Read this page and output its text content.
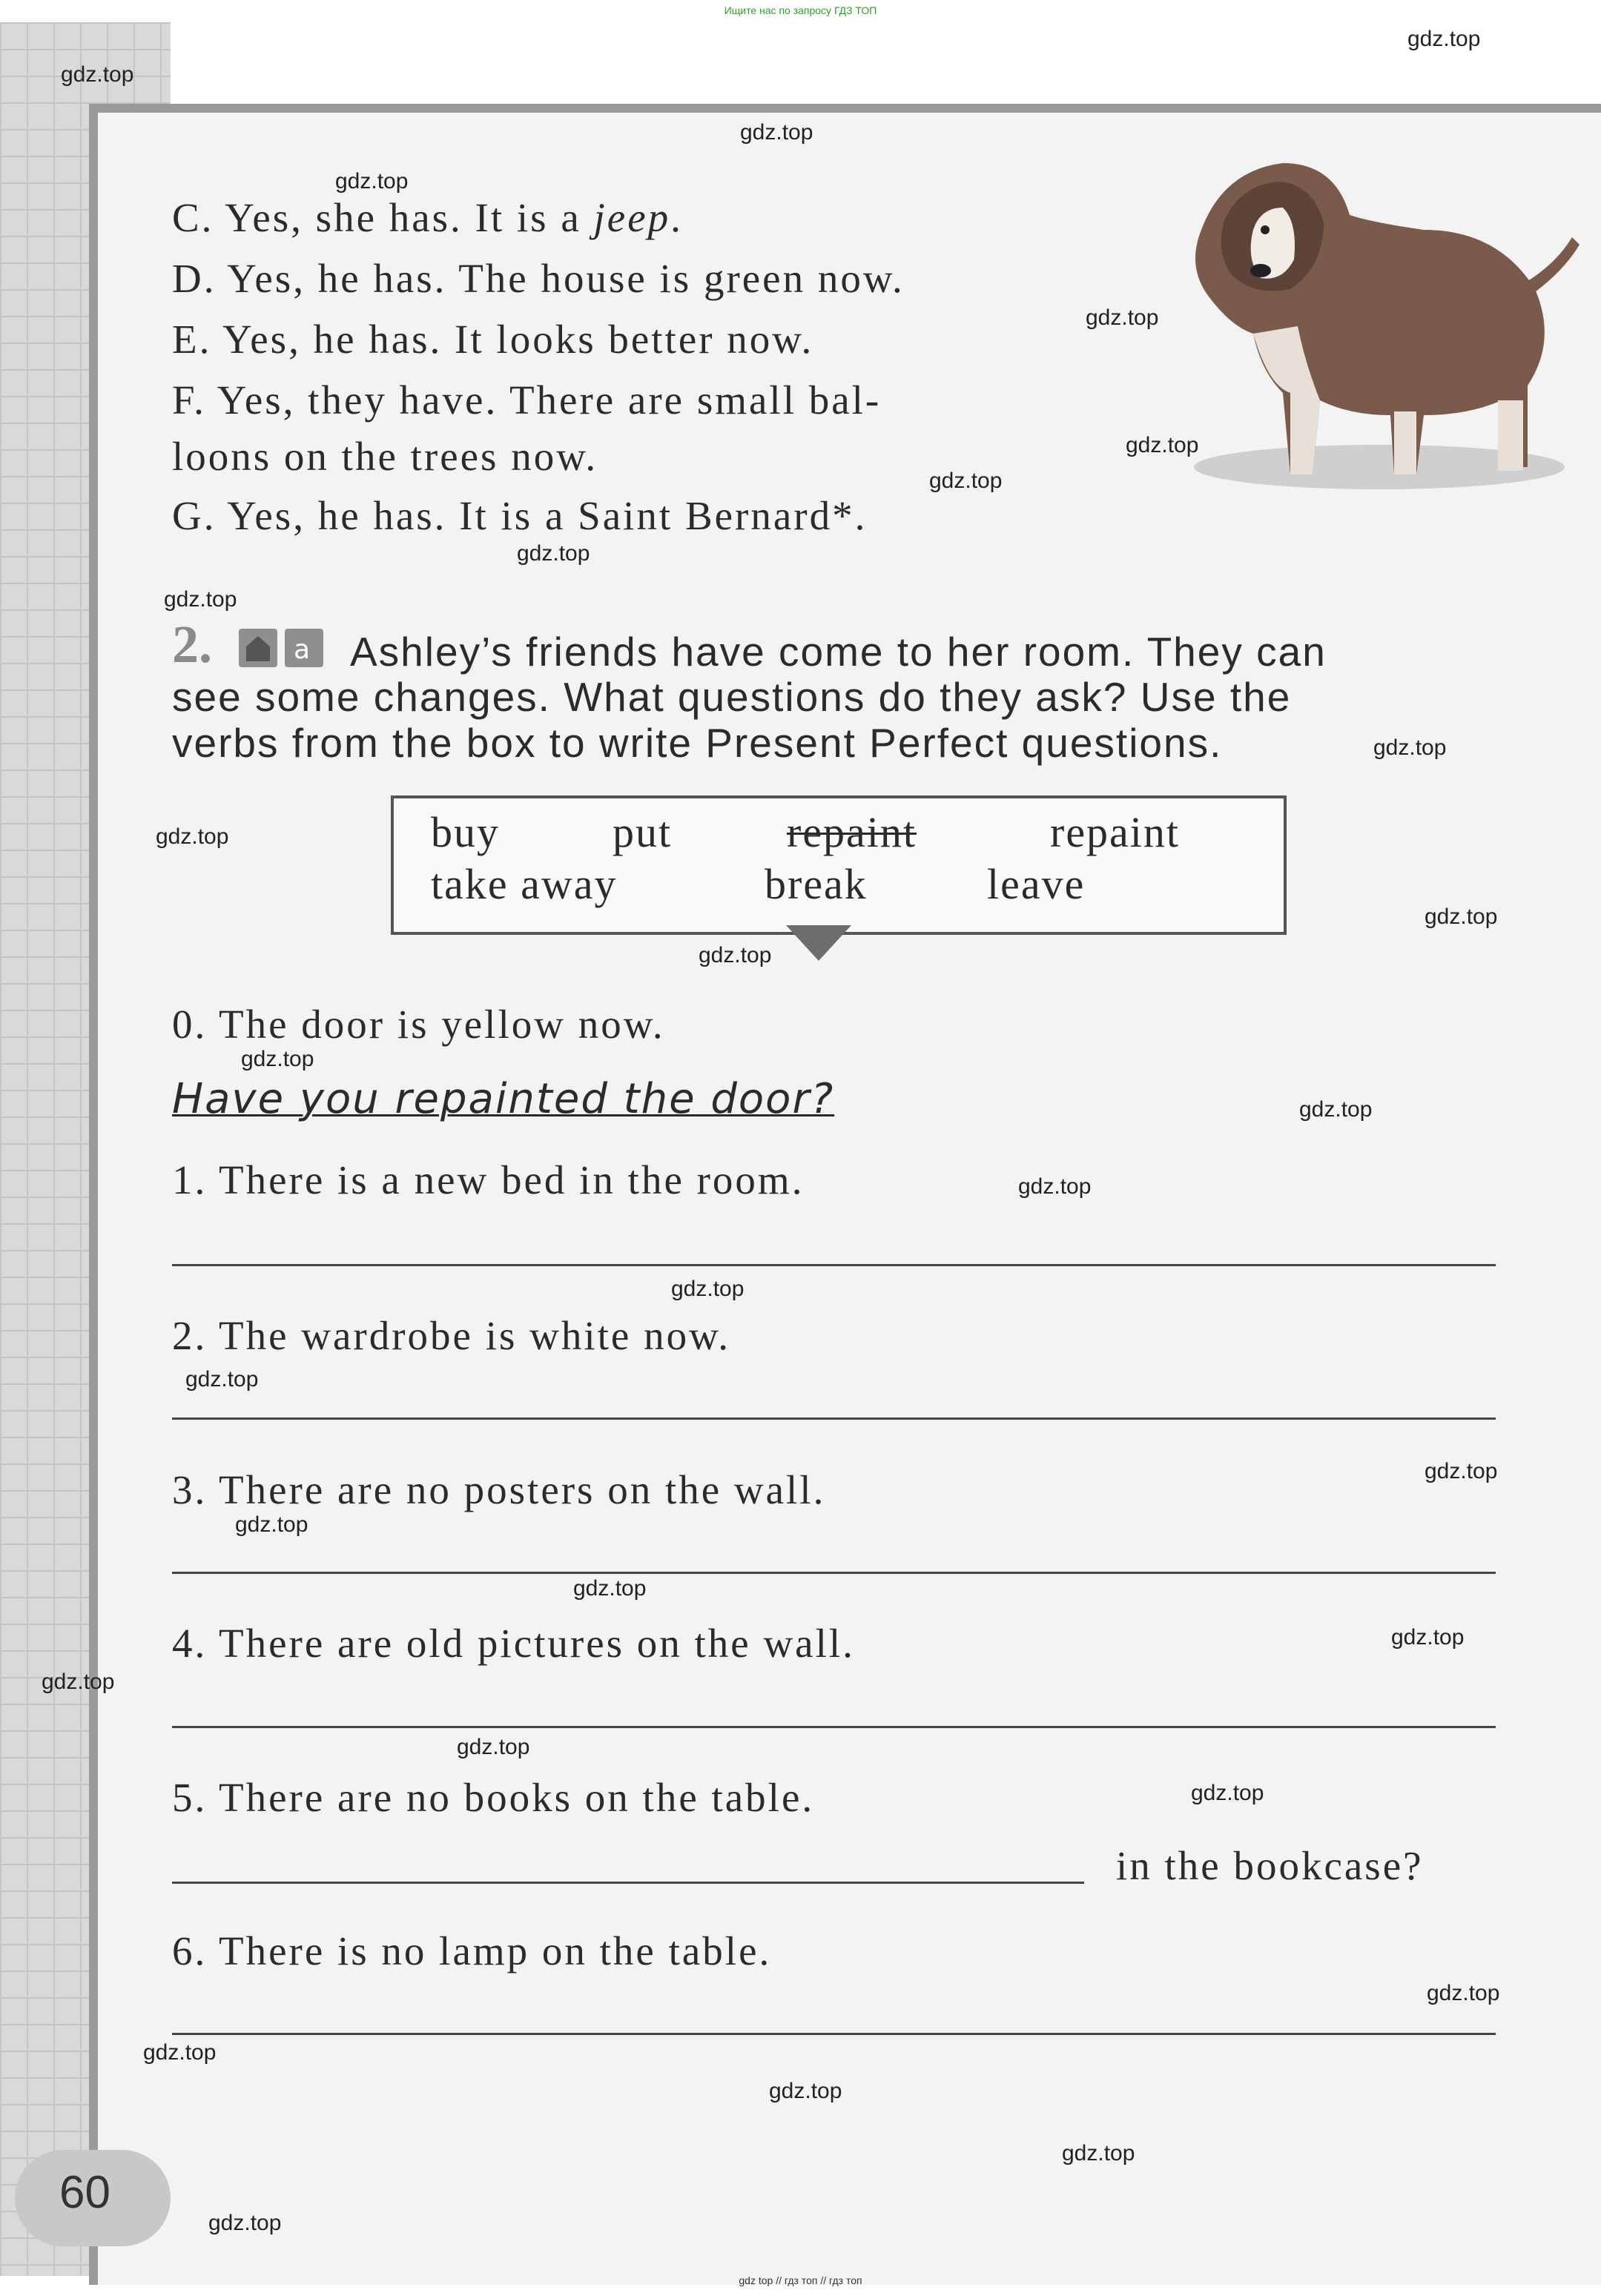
C. Yes, she has. It is a jeep.
D. Yes, he has. The house is green now.
E. Yes, he has. It looks better now.
F. Yes, they have. There are small bal-
loons on the trees now.
G. Yes, he has. It is a Saint Bernard*.
2.	a Ashley’s friends have come to her room. They can
see some changes. What questions do they ask? Use the
verbs from the box to write Present Perfect questions.
buy	put	repaint	repaint
take away	break	leave
0. The door is yellow now.
Have you repainted the door?
1. There is a new bed in the room.
2. The wardrobe is white now.
3. There are no posters on the wall.
4. There are old pictures on the wall.
5. There are no books on the table.
in the bookcase?
6. There is no lamp on the table.
60
Ищите нас по запросу ГДЗ ТОП
gdz top // гдз топ // гдз топ
gdz.top
gdz.top
gdz.top
gdz.top
gdz.top
gdz.top
gdz.top
gdz.top
gdz.top
gdz.top
gdz.top
gdz.top
gdz.top
gdz.top
gdz.top
gdz.top
gdz.top
gdz.top
gdz.top
gdz.top
gdz.top
gdz.top
gdz.top
gdz.top
gdz.top
gdz.top
gdz.top
gdz.top
gdz.top
gdz.top
